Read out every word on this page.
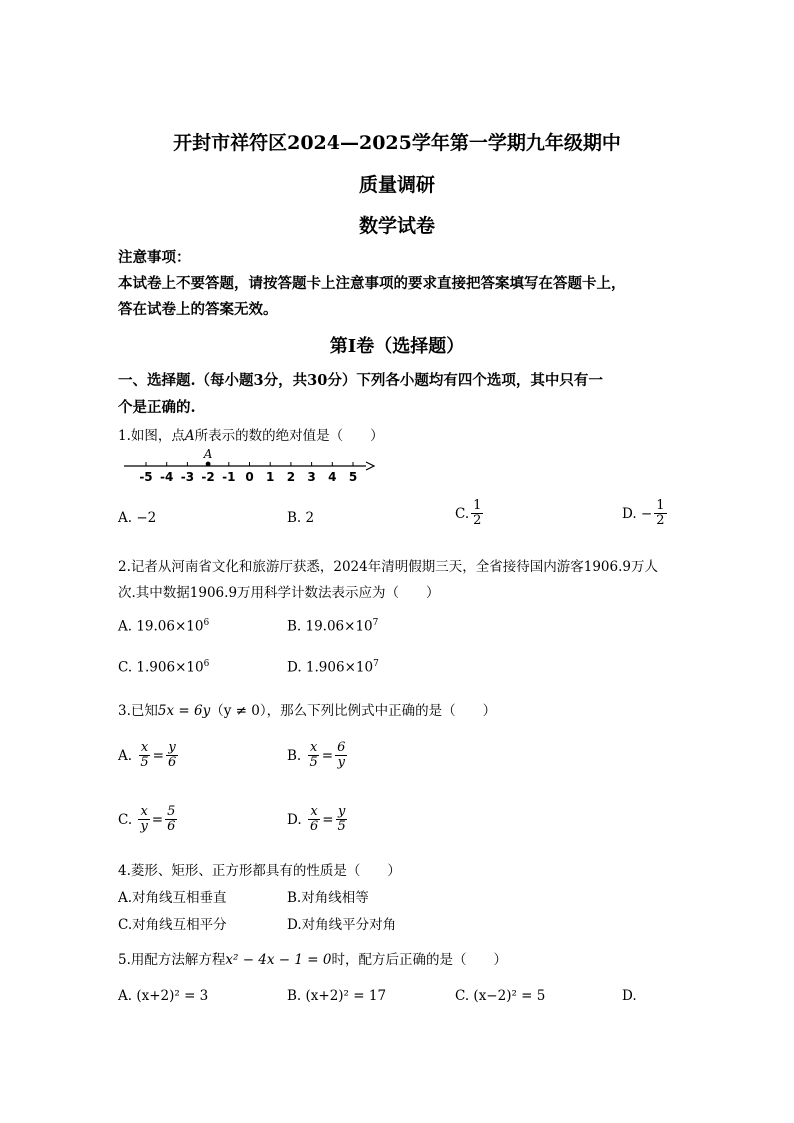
开封市祥符区2024—2025学年第一学期九年级期中
质量调研
数学试卷
注意事项：
本试卷上不要答题，请按答题卡上注意事项的要求直接把答案填写在答题卡上，
答在试卷上的答案无效。
第Ⅰ卷（选择题）
一、选择题.（每小题3分，共30分）下列各小题均有四个选项，其中只有一
个是正确的.
1.如图，点A所表示的数的绝对值是（　　）
-5 -4 -3 -2 -1 0 1 2 3 4 5
A
A. −2	B. 2	C. $\frac{1}{2}$	D. − $\frac{1}{2}$
2.记者从河南省文化和旅游厅获悉，2024年清明假期三天，全省接待国内游客1906.9万人
次.其中数据1906.9万用科学计数法表示应为（　　）
A. $19.06\times 10^6$	B. $19.06\times 10^7$
C. $1.906\times 10^6$	D. $1.906\times 10^7$
3.已知5x = 6y（y ≠ 0），那么下列比例式中正确的是（　　）
A.
$\frac{x}{5} = \frac{y}{6}$	B.
$\frac{x}{5} = \frac{6}{y}$
C.
$\frac{x}{y} = \frac{5}{6}$	D.
$\frac{x}{6} = \frac{y}{5}$
4.菱形、矩形、正方形都具有的性质是（　　）
A.对角线互相垂直	B.对角线相等
C.对角线互相平分	D.对角线平分对角
5.用配方法解方程x² − 4x − 1 = 0时，配方后正确的是（　　）
A. (x+2)² = 3	B. (x+2)² = 17	C. (x−2)² = 5	D.
